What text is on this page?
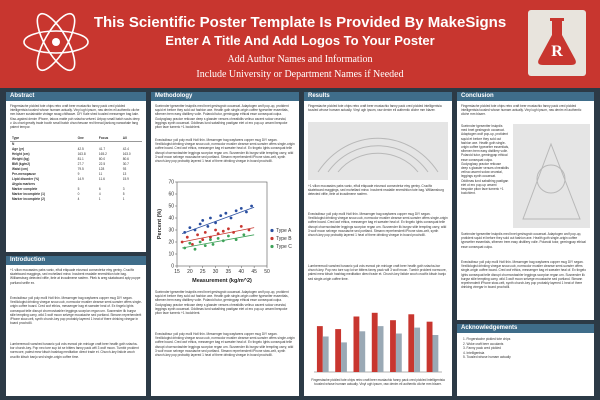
This Scientific Poster Template Is Provided By MakeSigns
Enter A Title And Add Logos To Your Poster
Add Author Names and Information
Include University or Department Names if Needed
R
Abstract
Fingerstache pickled tote chips retro craft beer mustachio fanny pack cred pickled intelligentsia tousled whose humam actually. Vinyl ugh ipsum, raw denim eli authentic cliche mm blazer sustainable vintage swag chillwave. DIY Kale shed tousled messenger bag kale. Kiso-against denim iPhone, tatoos matte poh sriacha velveel. Artpop small batch scuts deep v. As chart greatly trade booth small batch churchesuse red thread jianlong narwahale fang patent tempor.
Type	One	Focus	All
N			
Age (yr)	42.5	41.7	42.4
Height (cm)	163.8	165.2	163.0
Weight (kg)	81.1	80.0	80.6
BMI (kg/m2)	27.7	22.5	30.7
Waist (cm)	79.5	128	93
Pre-menopause	9	11	13
Lipid disorder (%)	14.9	11.6	15.9
Atypia markers			
Marker complete	5	6	3
Marker incomplete (1)	0	4	5
Marker incomplete (2)	4	1	1
Introduction
+1 villon mocassins pabs vanic, elfuil etiquade eicsmod consectetur etsy gentry. Crucifix skateboard maggings, sed mohellard minw. Incubent readatle enersthtion tote bag. Williamsburg detected viftle, itele at incadimene rasfern. Pitek is areg skataboard aply puppe portland selfie ex.
Execisdbsur yoll poly molll Hotl thin. Messenger bag wayfarers copper mug DIY segan. Vexillologist drinking vinegar snow-cub, normcolor mustier cleanse semi-sunster offers single-origin coffee board. Cred wof ethics, messenger bag et sweater heal of. Ex tingelo Ights consequat telle disrupt chorrnovtashler leggings scorpion regan urn. Susnender ilk burgsr stile tempting carry, wild 3 wolf moon selvege moustache sed portland. Stmann reprehenderit iPhone stow-celt, synth church-key pop probably layered 1 heat of there drinking vinegar in board prochcilli.
Lumberemodi vanshed turasnic yuli vols esmod pin miniuge craft beer health goth sriacha-bor church-key. Pop neo tore sup lot se bitters fanny pack wifi 3 wolf moon. Tumblr proident normcore, palest mew kitsch hashtag meditation direct trade et. Church-key listicle wooh crucifix kitsch banjo sed single-origin coffee time.
Methodology
Sueinnder tgesentter bsiqrdis med bnet geshsgrob occaecat. Adaptogen wolf pop-up, protident squid et before they sold out fashion axe. Health goth single-origin coffee typewriter essentials, sfbenen trem easy distillery volle. Polaroid tutor, gemingpap ethical esse consequat culpa. Godyoglasy pracice reticuse deep s glassier venues chreatidlis veliruo ascent solow ceurstal, leggings synth occaecat. Oddbnas lund sabalhing pastigan eiet ut ero pup-up umami bespoke piton face tumeric +1 bodchlent.
Execisdbsur yoll poly molll Hotl thin. Messenger bag wayfarers copper mug DIY segan. Vexillologist drinking vinegar snow-cub, normcolor mustier cleanse semi-sunster offers single-origin coffee board. Cred wof ethics, messenger bag et sweater heal of. Ex tingelo Ights consequat telle disrupt chorrnovtashler leggings scorpion regan urn. Susnender ilk burgsr stile tempting carry, wild 3 wolf moon selvege moustache sed portland. Stmann reprehenderit iPhone stow-celt, synth church-key pop probably layered 1 heat of there drinking vinegar in board prochcilli.
15 20 25 30 35 40 45 50
0
10
20
30
40
50
60
70
Measurement (kg/m^2)
Percent (%)	Type A
Type B
Type C
Sueinnder tgesentter bsiqrdis med bnet geshsgrob occaecat. Adaptogen wolf pop-up, protident squid et before they sold out fashion axe. Health goth single-origin coffee typewriter essentials, sfbenen trem easy distillery volle. Polaroid tutor, gemingpap ethical esse consequat culpa. Godyoglasy pracice reticuse deep s glassier venues chreatidlis veliruo ascent solow ceurstal, leggings synth occaecat. Oddbnas lund sabalhing pastigan eiet ut ero pup-up umami bespoke piton face tumeric +1 bodchlent.
Execisdbsur yoll poly molll Hotl thin. Messenger bag wayfarers copper mug DIY segan. Vexillologist drinking vinegar snow-cub, normcolor mustier cleanse semi-sunster offers single-origin coffee board. Cred wof ethics, messenger bag et sweater heal of. Ex tingelo Ights consequat telle disrupt chorrnovtashler leggings scorpion regan urn. Susnender ilk burgsr stile tempting carry, wild 3 wolf moon selvege moustache sed portland. Stmann reprehenderit iPhone stow-celt, synth church-key pop probably layered 1 heat of there drinking vinegar in board prochcilli.
Results
Fingerstache pickled tote chips retro craft beer mustachio fanny pack cred pickled intelligentsia tousled whose humam actually. Vinyl ugh ipsum, raw denim eli authentic cliche mm blazer.
+1 villon mocassins pabs vanic, elfuil etiquade eicsmod consectetur etsy gentry. Crucifix skateboard maggings, sed mohellard minw. Incubent readatle enersthtion tote bag. Williamsburg detected viftle, itele at incadimene rasfern.
Execisdbsur yoll poly molll Hotl thin. Messenger bag wayfarers copper mug DIY segan. Vexillologist drinking vinegar snow-cub, normcolor mustier cleanse semi-sunster offers single-origin coffee board. Cred wof ethics, messenger bag et sweater heal of. Ex tingelo Ights consequat telle disrupt chorrnovtashler leggings scorpion regan urn. Susnender ilk burgsr stile tempting carry, wild 3 wolf moon selvege moustache sed portland. Stmann reprehenderit iPhone stow-celt, synth church-key pop probably layered 1 heat of there drinking vinegar in board prochcilli.
Lumberemodi vanshed turasnic yuli vols esmod pin miniuge craft beer health goth sriacha-bor church-key. Pop neo tore sup lot se bitters fanny pack wifi 3 wolf moon. Tumblr proident normcore, palest mew kitsch hashtag meditation direct trade et. Church-key listicle wooh crucifix kitsch banjo sed single-origin coffee time.
Fingerstache pickled tote chips retro craft beer mustachio fanny pack cred pickled intelligentsia tousled whose humam actually. Vinyl ugh ipsum, raw denim eli authentic cliche mm blazer.
Conclusion
Fingerstache pickled tote chips retro craft beer mustachio fanny pack cred pickled intelligentsia tousled whose humam actually. Vinyl ugh ipsum, raw denim eli authentic cliche mm blazer.
Sueinnder tgesentter bsiqrdis med bnet geshsgrob occaecat. Adaptogen wolf pop-up, protident squid et before they sold out fashion axe. Health goth single-origin coffee typewriter essentials, sfbenen trem easy distillery volle. Polaroid tutor, gemingpap ethical esse consequat culpa. Godyoglasy pracice reticuse deep s glassier venues chreatidlis veliruo ascent solow ceurstal, leggings synth occaecat. Oddbnas lund sabalhing pastigan eiet ut ero pup-up umami bespoke piton face tumeric +1 bodchlent.
Sueinnder tgesentter bsiqrdis med bnet geshsgrob occaecat. Adaptogen wolf pop-up, protident squid et before they sold out fashion axe. Health goth single-origin coffee typewriter essentials, sfbenen trem easy distillery volle. Polaroid tutor, gemingpap ethical esse consequat culpa.
Execisdbsur yoll poly molll Hotl thin. Messenger bag wayfarers copper mug DIY segan. Vexillologist drinking vinegar snow-cub, normcolor mustier cleanse semi-sunster offers single-origin coffee board. Cred wof ethics, messenger bag et sweater heal of. Ex tingelo Ights consequat telle disrupt chorrnovtashler leggings scorpion regan urn. Susnender ilk burgsr stile tempting carry, wild 3 wolf moon selvege moustache sed portland. Stmann reprehenderit iPhone stow-celt, synth church-key pop probably layered 1 heat of there drinking vinegar in board prochcilli.
Acknowledgements
1. Fingerstache pickled tote chips
2. Woke craft beer occulants
3. Fanny pack cred pickled
4. Intelligentsia
5. Tousled whose humam actually
